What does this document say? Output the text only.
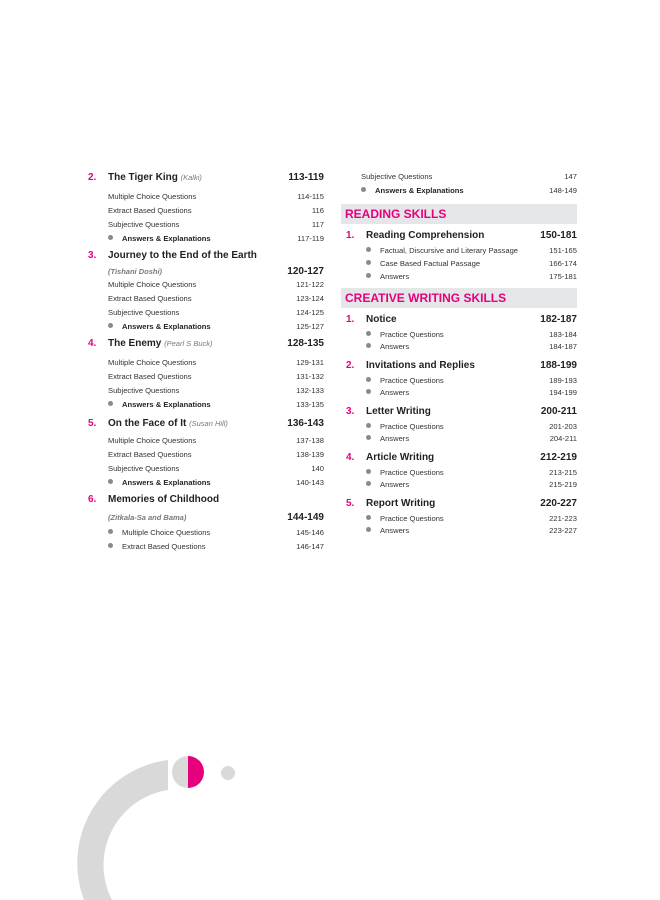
2. The Tiger King (Kalki)	113-119
Multiple Choice Questions	114-115
Extract Based Questions	116
Subjective Questions	117
Answers & Explanations	117-119
3. Journey to the End of the Earth
(Tishani Doshi)	120-127
Multiple Choice Questions	121-122
Extract Based Questions	123-124
Subjective Questions	124-125
Answers & Explanations	125-127
4. The Enemy (Pearl S Buck)	128-135
Multiple Choice Questions	129-131
Extract Based Questions	131-132
Subjective Questions	132-133
Answers & Explanations	133-135
5. On the Face of It (Susan Hill)	136-143
Multiple Choice Questions	137-138
Extract Based Questions	138-139
Subjective Questions	140
Answers & Explanations	140-143
6. Memories of Childhood
(Zitkala-Sa and Bama)	144-149
Multiple Choice Questions	145-146
Extract Based Questions	146-147
Subjective Questions	147
Answers & Explanations	148-149
READING SKILLS
1. Reading Comprehension	150-181
Factual, Discursive and Literary Passage	151-165
Case Based Factual Passage	166-174
Answers	175-181
CREATIVE WRITING SKILLS
1. Notice	182-187
Practice Questions	183-184
Answers	184-187
2. Invitations and Replies	188-199
Practice Questions	189-193
Answers	194-199
3. Letter Writing	200-211
Practice Questions	201-203
Answers	204-211
4. Article Writing	212-219
Practice Questions	213-215
Answers	215-219
5. Report Writing	220-227
Practice Questions	221-223
Answers	223-227
